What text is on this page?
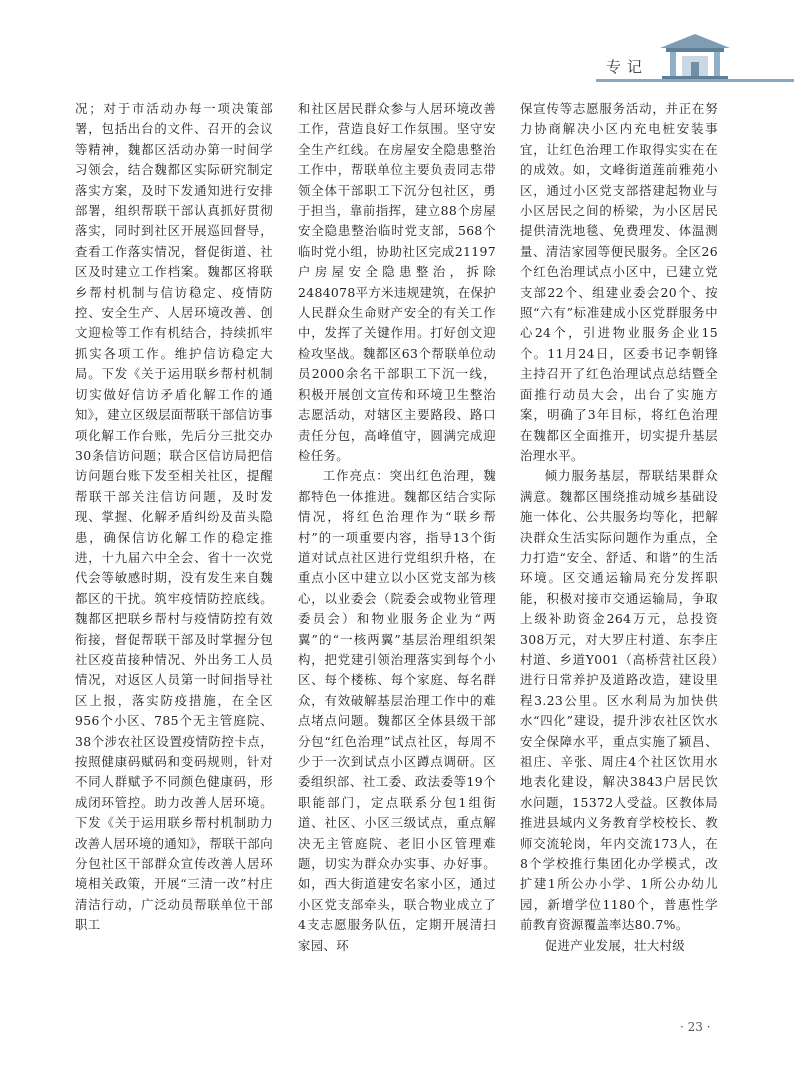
专记

况；对于市活动办每一项决策部署，包括出台的文件、召开的会议等精神，魏都区活动办第一时间学习领会，结合魏都区实际研究制定落实方案，及时下发通知进行安排部署，组织帮联干部认真抓好贯彻落实，同时到社区开展巡回督导，查看工作落实情况，督促街道、社区及时建立工作档案。魏都区将联乡帮村机制与信访稳定、疫情防控、安全生产、人居环境改善、创文迎检等工作有机结合，持续抓牢抓实各项工作。维护信访稳定大局。下发《关于运用联乡帮村机制切实做好信访矛盾化解工作的通知》，建立区级层面帮联干部信访事项化解工作台账，先后分三批交办30条信访问题；联合区信访局把信访问题台账下发至相关社区，提醒帮联干部关注信访问题，及时发现、掌握、化解矛盾纠纷及苗头隐患，确保信访化解工作的稳定推进，十九届六中全会、省十一次党代会等敏感时期，没有发生来自魏都区的干扰。筑牢疫情防控底线。魏都区把联乡帮村与疫情防控有效衔接，督促帮联干部及时掌握分包社区疫苗接种情况、外出务工人员情况，对返区人员第一时间指导社区上报，落实防疫措施，在全区956个小区、785个无主管庭院、38个涉农社区设置疫情防控卡点，按照健康码赋码和变码规则，针对不同人群赋予不同颜色健康码，形成闭环管控。助力改善人居环境。下发《关于运用联乡帮村机制助力改善人居环境的通知》，帮联干部向分包社区干部群众宣传改善人居环境相关政策，开展“三清一改”村庄清洁行动，广泛动员帮联单位干部职工

和社区居民群众参与人居环境改善工作，营造良好工作氛围。坚守安全生产红线。在房屋安全隐患整治工作中，帮联单位主要负责同志带领全体干部职工下沉分包社区，勇于担当，靠前指挥，建立88个房屋安全隐患整治临时党支部，568个临时党小组，协助社区完成21197户房屋安全隐患整治，拆除2484078平方米违规建筑，在保护人民群众生命财产安全的有关工作中，发挥了关键作用。打好创文迎检攻坚战。魏都区63个帮联单位动员2000余名干部职工下沉一线，积极开展创文宣传和环境卫生整治志愿活动，对辖区主要路段、路口责任分包，高峰值守，圆满完成迎检任务。

工作亮点：突出红色治理，魏都特色一体推进。魏都区结合实际情况，将红色治理作为“联乡帮村”的一项重要内容，指导13个街道对试点社区进行党组织升格，在重点小区中建立以小区党支部为核心，以业委会（院委会或物业管理委员会）和物业服务企业为“两翼”的“一核两翼”基层治理组织架构，把党建引领治理落实到每个小区、每个楼栋、每个家庭、每名群众，有效破解基层治理工作中的难点堵点问题。魏都区全体县级干部分包“红色治理”试点社区，每周不少于一次到试点小区蹲点调研。区委组织部、社工委、政法委等19个职能部门，定点联系分包1组街道、社区、小区三级试点，重点解决无主管庭院、老旧小区管理难题，切实为群众办实事、办好事。如，西大街道建安名家小区，通过小区党支部牵头，联合物业成立了4支志愿服务队伍，定期开展清扫家园、环

保宣传等志愿服务活动，并正在努力协商解决小区内充电桩安装事宜，让红色治理工作取得实实在在的成效。如，文峰街道莲前雅苑小区，通过小区党支部搭建起物业与小区居民之间的桥梁，为小区居民提供清洗地毯、免费理发、体温测量、清洁家园等便民服务。全区26个红色治理试点小区中，已建立党支部22个、组建业委会20个、按照“六有”标准建成小区党群服务中心24个，引进物业服务企业15个。11月24日，区委书记李朝锋主持召开了红色治理试点总结暨全面推行动员大会，出台了实施方案，明确了3年目标，将红色治理在魏都区全面推开，切实提升基层治理水平。

倾力服务基层，帮联结果群众满意。魏都区围绕推动城乡基础设施一体化、公共服务均等化，把解决群众生活实际问题作为重点，全力打造“安全、舒适、和谐”的生活环境。区交通运输局充分发挥职能，积极对接市交通运输局，争取上级补助资金264万元，总投资308万元，对大罗庄村道、东李庄村道、乡道Y001（高桥营社区段）进行日常养护及道路改造，建设里程3.23公里。区水利局为加快供水“四化”建设，提升涉农社区饮水安全保障水平，重点实施了颍昌、祖庄、辛张、周庄4个社区饮用水地表化建设，解决3843户居民饮水问题，15372人受益。区教体局推进县域内义务教育学校校长、教师交流轮岗，年内交流173人，在8个学校推行集团化办学模式，改扩建1所公办小学、1所公办幼儿园，新增学位1180个，普惠性学前教育资源覆盖率达80.7%。

促进产业发展，壮大村级

· 23 ·
